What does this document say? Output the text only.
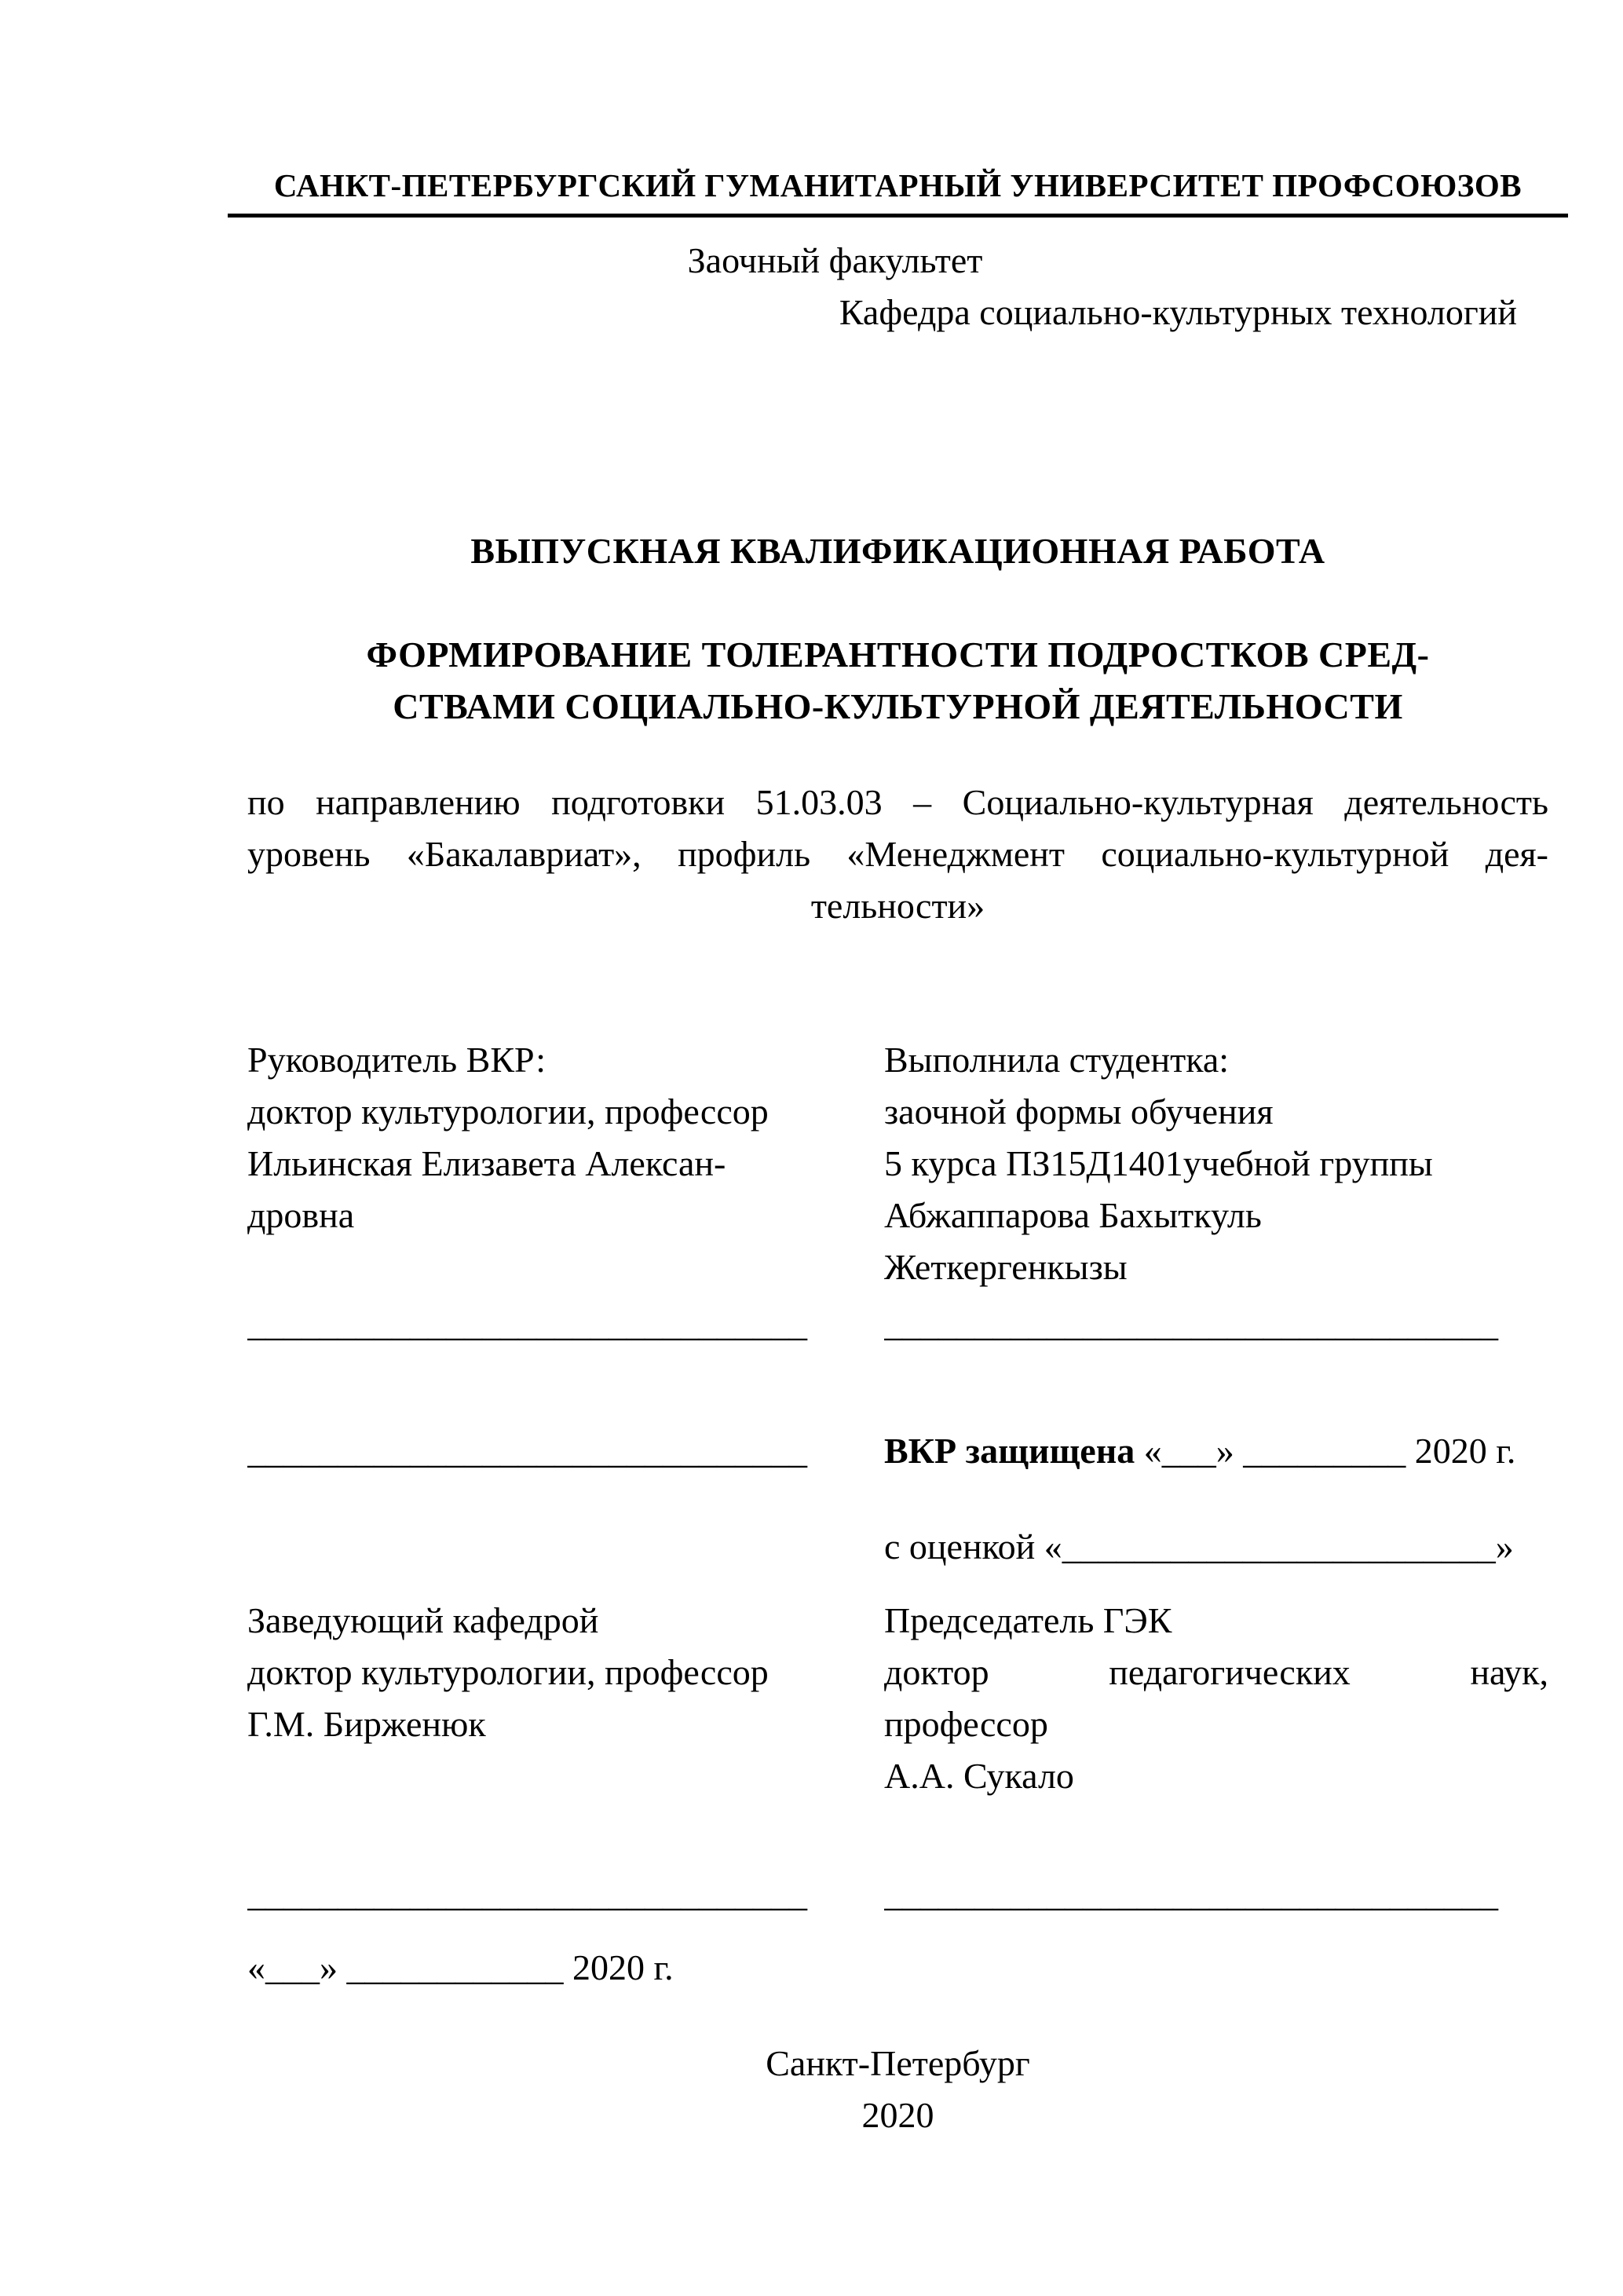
САНКТ-ПЕТЕРБУРГСКИЙ ГУМАНИТАРНЫЙ УНИВЕРСИТЕТ ПРОФСОЮЗОВ
Заочный факультет
Кафедра социально-культурных технологий
ВЫПУСКНАЯ КВАЛИФИКАЦИОННАЯ РАБОТА
ФОРМИРОВАНИЕ ТОЛЕРАНТНОСТИ ПОДРОСТКОВ СРЕД-
СТВАМИ СОЦИАЛЬНО-КУЛЬТУРНОЙ ДЕЯТЕЛЬНОСТИ
по направлению подготовки 51.03.03 – Социально-культурная деятельность
уровень «Бакалавриат», профиль «Менеджмент социально-культурной дея-
тельности»
Руководитель ВКР:
доктор культурологии, профессор
Ильинская Елизавета Алексан-
дровна
Выполнила студентка:
заочной формы обучения
5 курса ПЗ15Д1401учебной группы
Абжаппарова Бахыткуль
Жеткергенкызы
_______________________________	__________________________________
_______________________________	ВКР защищена «___» _________ 2020 г.
с оценкой «________________________»
Заведующий кафедрой
доктор культурологии, профессор
Г.М. Бирженюк
Председатель ГЭК
доктор педагогических наук,
профессор
А.А. Сукало
_______________________________	__________________________________
«___» ____________ 2020 г.
Санкт-Петербург
2020
